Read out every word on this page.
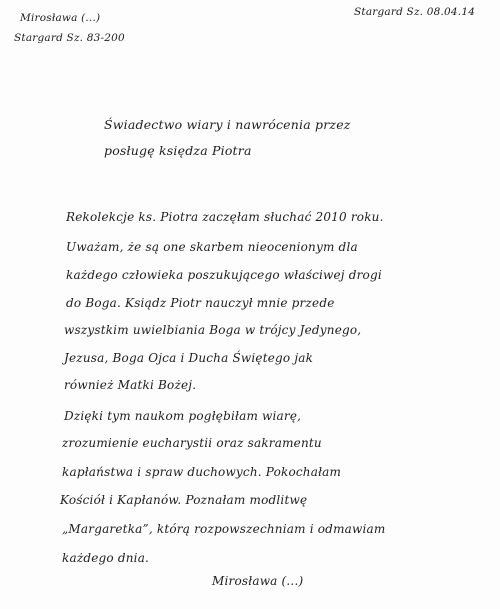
Mirosława (...)
Stargard Sz. 83-200
Stargard Sz. 08.04.14
Świadectwo wiary i nawrócenia przez
posługę księdza Piotra
Rekolekcje ks. Piotra zaczęłam słuchać 2010 roku.
Uważam, że są one skarbem nieocenionym dla
każdego człowieka poszukującego właściwej drogi
do Boga. Ksiądz Piotr nauczył mnie przede
wszystkim uwielbiania Boga w trójcy Jedynego,
Jezusa, Boga Ojca i Ducha Świętego jak
również Matki Bożej.
Dzięki tym naukom pogłębiłam wiarę,
zrozumienie eucharystii oraz sakramentu
kapłaństwa i spraw duchowych. Pokochałam
Kościół i Kapłanów. Poznałam modlitwę
„Margaretka”, którą rozpowszechniam i odmawiam
każdego dnia.
Mirosława (...)
